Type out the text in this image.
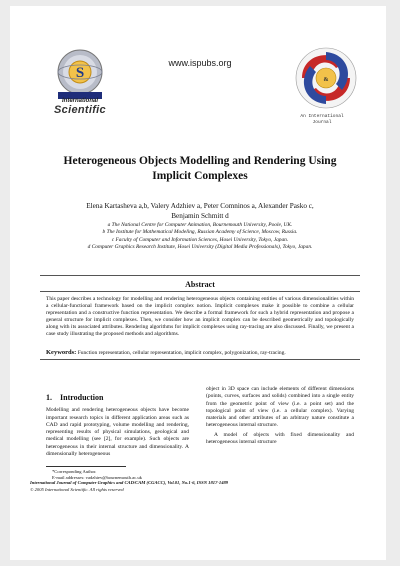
S
International
Scientific
www.ispubs.org
&
An International
Journal
Heterogeneous Objects Modelling and Rendering Using
Implicit Complexes
Elena Kartasheva a,b, Valery Adzhiev a, Peter Comninos a, Alexander Pasko c,
Benjamin Schmitt d
a The National Centre for Computer Animation, Bournemouth University, Poole, UK.
b The Institute for Mathematical Modeling, Russian Academy of Science, Moscow, Russia.
c Faculty of Computer and Information Sciences, Hosei University, Tokyo, Japan.
d Computer Graphics Research Institute, Hosei University (Digital Media Professionals), Tokyo, Japan.
Abstract
This paper describes a technology for modelling and rendering heterogeneous objects containing entities of various dimensionalities within a cellular-functional framework based on the implicit complex notion. Implicit complexes make it possible to combine a cellular representation and a constructive function representation. We describe a formal framework for such a hybrid representation and propose a general structure for implicit complexes. Then, we consider how an implicit complex can be described geometrically and topologically along with its associated attributes. Rendering algorithms for implicit complexes using ray-tracing are also discussed. Finally, we present a case study illustrating the proposed methods and algorithms.
Keywords: Function representation, cellular representation, implicit complex, polygonization, ray-tracing.
1. Introduction
Modelling and rendering heterogeneous objects have become important research topics in different application areas such as CAD and rapid prototyping, volume modelling and rendering, representing results of physical simulations, geological and medical modelling (see [2], for example). Such objects are heterogeneous in their internal structure and dimensionality. A dimensionally heterogeneous
object in 3D space can include elements of different dimensions (points, curves, surfaces and solids) combined into a single entity from the geometric point of view (i.e. a point set) and the topological point of view (i.e. a cellular complex). Varying materials and other attributes of an arbitrary nature constitute a heterogeneous internal structure.
A model of objects with fixed dimensionality and heterogeneous internal structure
*Corresponding Author.
E-mail addresses: vadzhiev@bournemouth.ac.uk
International Journal of Computer Graphics and CAD/CAM (CGACC), Vol.01, No.1-6, ISSN 1817-1489
© 2005 International Scientific. All rights reserved
